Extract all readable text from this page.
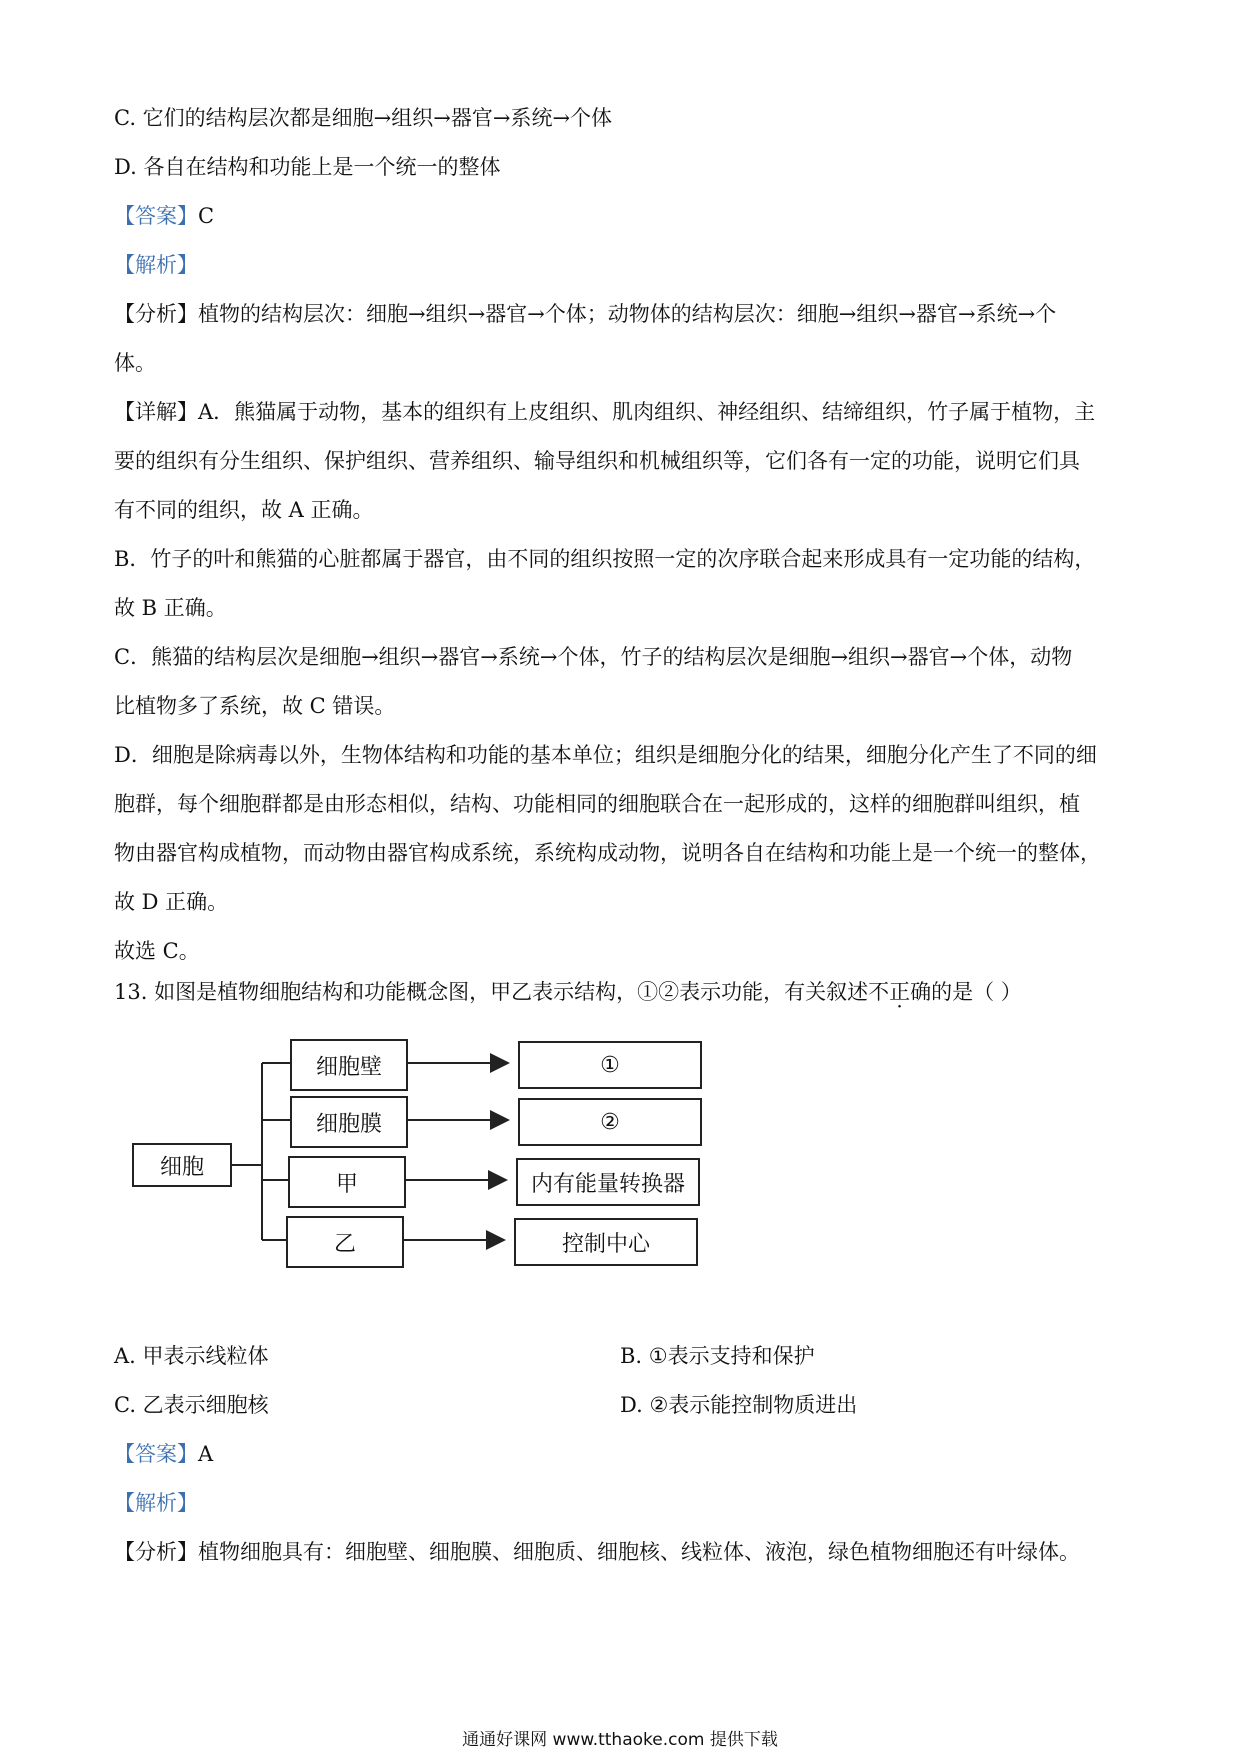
C. 它们的结构层次都是细胞→组织→器官→系统→个体
D. 各自在结构和功能上是一个统一的整体
【答案】C
【解析】
【分析】植物的结构层次：细胞→组织→器官→个体；动物体的结构层次：细胞→组织→器官→系统→个
体。
【详解】A．熊猫属于动物，基本的组织有上皮组织、肌肉组织、神经组织、结缔组织，竹子属于植物，主
要的组织有分生组织、保护组织、营养组织、输导组织和机械组织等，它们各有一定的功能，说明它们具
有不同的组织，故 A 正确。
B．竹子的叶和熊猫的心脏都属于器官，由不同的组织按照一定的次序联合起来形成具有一定功能的结构，
故 B 正确。
C．熊猫的结构层次是细胞→组织→器官→系统→个体，竹子的结构层次是细胞→组织→器官→个体，动物
比植物多了系统，故 C 错误。
D．细胞是除病毒以外，生物体结构和功能的基本单位；组织是细胞分化的结果，细胞分化产生了不同的细
胞群，每个细胞群都是由形态相似，结构、功能相同的细胞联合在一起形成的，这样的细胞群叫组织，植
物由器官构成植物，而动物由器官构成系统，系统构成动物，说明各自在结构和功能上是一个统一的整体，
故 D 正确。
故选 C。
13. 如图是植物细胞结构和功能概念图，甲乙表示结构，①②表示功能，有关叙述不正确的是（ ）
细胞
细胞壁
细胞膜
甲
乙
①
②
内有能量转换器
控制中心
A. 甲表示线粒体	B. ①表示支持和保护
C. 乙表示细胞核	D. ②表示能控制物质进出
【答案】A
【解析】
【分析】植物细胞具有：细胞壁、细胞膜、细胞质、细胞核、线粒体、液泡，绿色植物细胞还有叶绿体。
通通好课网 www.tthaoke.com 提供下载
